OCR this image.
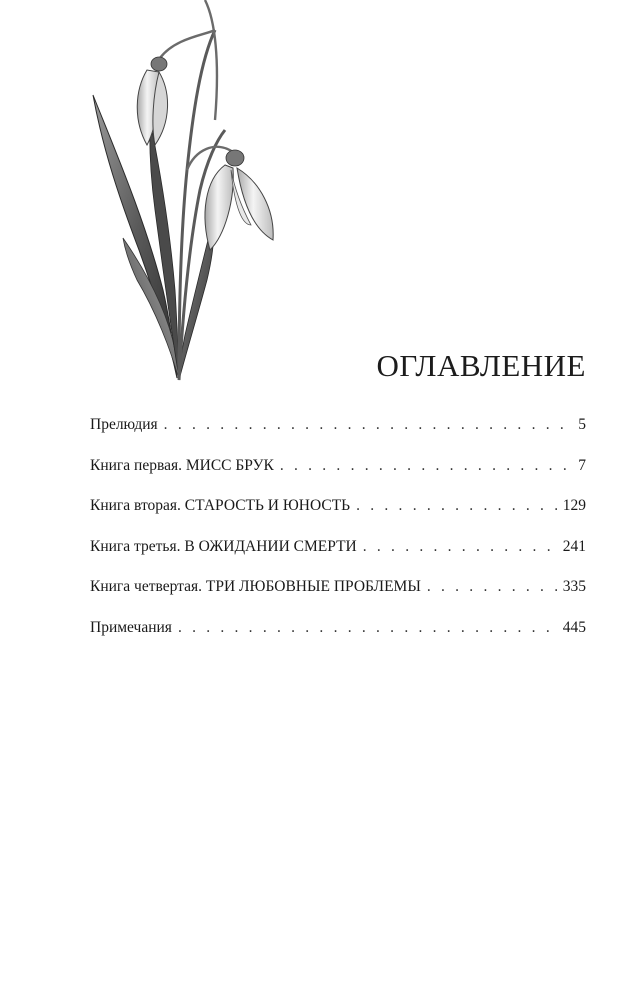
ОГЛАВЛЕНИЕ
Прелюдия . . .	5
Книга первая. МИСС БРУК . . .	7
Книга вторая. СТАРОСТЬ И ЮНОСТЬ . . .	129
Книга третья. В ОЖИДАНИИ СМЕРТИ . . .	241
Книга четвертая. ТРИ ЛЮБОВНЫЕ ПРОБЛЕМЫ . . .	335
Примечания . . .	445
